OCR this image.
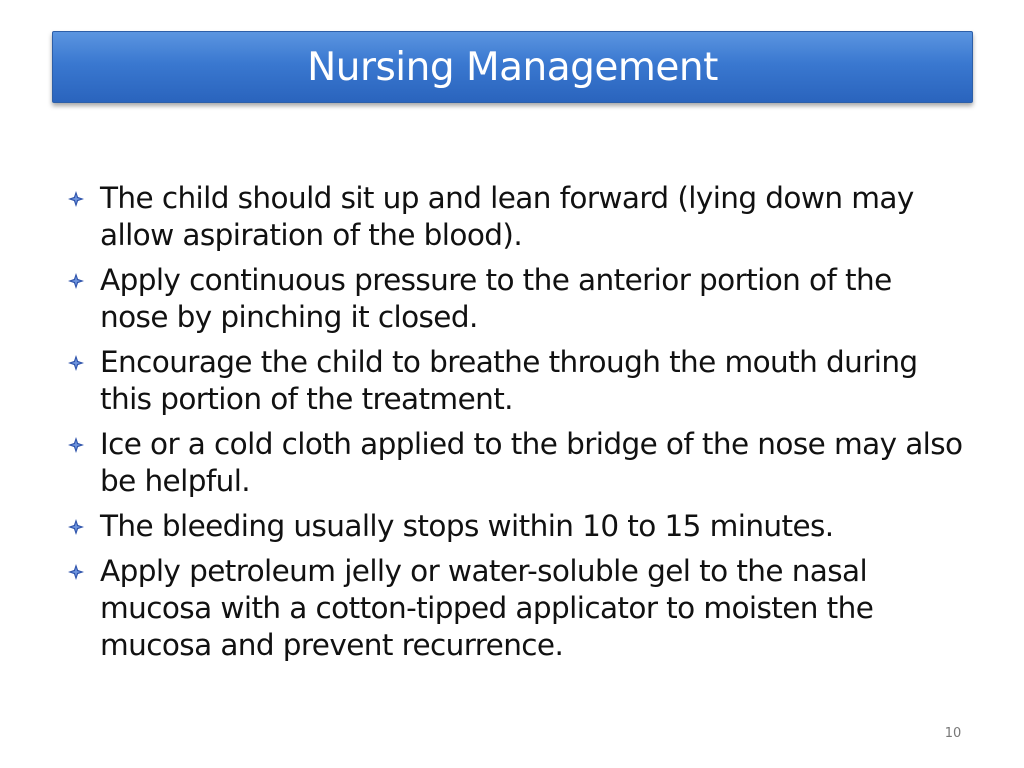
Nursing Management
The child should sit up and lean forward (lying down may allow aspiration of the blood).
Apply continuous pressure to the anterior portion of the nose by pinching it closed.
Encourage the child to breathe through the mouth during this portion of the treatment.
Ice or a cold cloth applied to the bridge of the nose may also be helpful.
The bleeding usually stops within 10 to 15 minutes.
Apply petroleum jelly or water-soluble gel to the nasal mucosa with a cotton-tipped applicator to moisten the mucosa and prevent recurrence.
10
